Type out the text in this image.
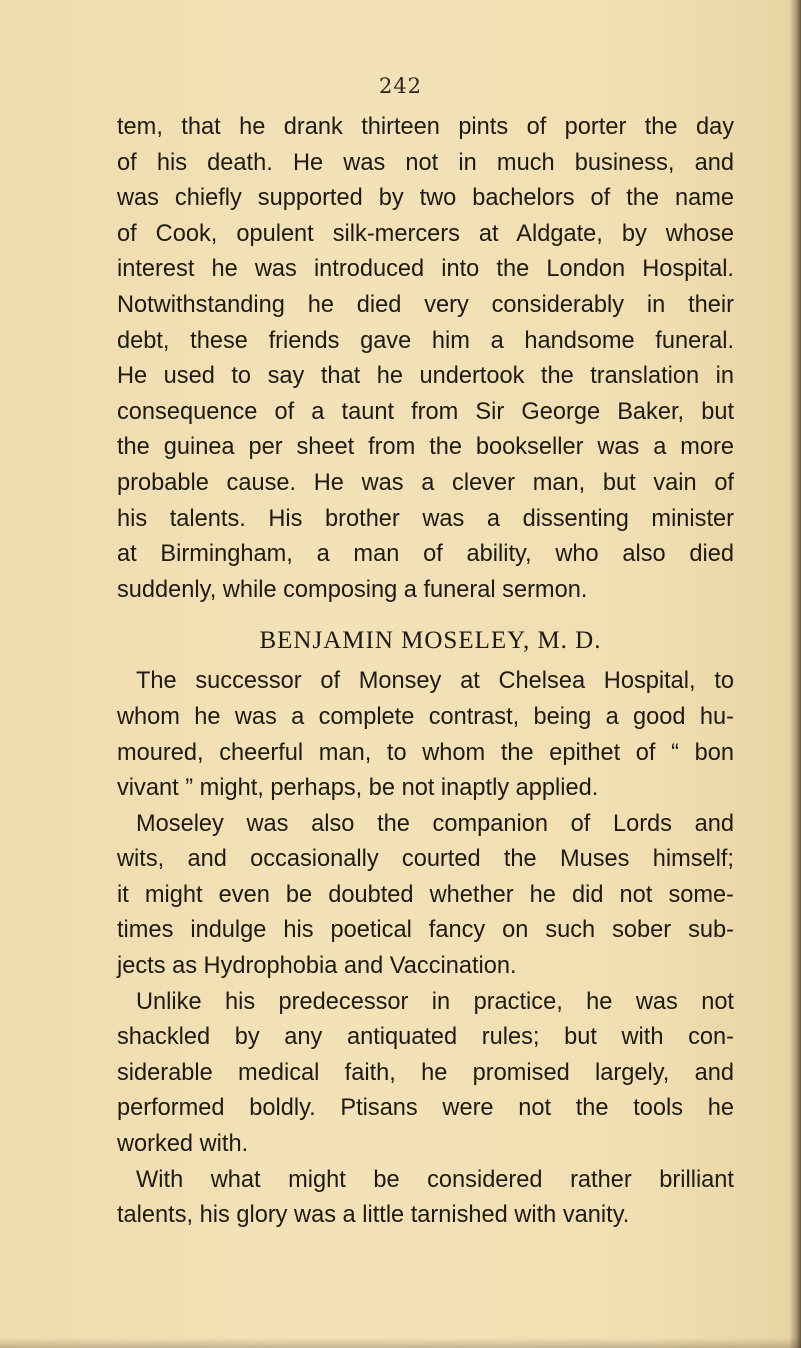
242
tem, that he drank thirteen pints of porter the day
of his death. He was not in much business, and
was chiefly supported by two bachelors of the name
of Cook, opulent silk-mercers at Aldgate, by whose
interest he was introduced into the London Hospital.
Notwithstanding he died very considerably in their
debt, these friends gave him a handsome funeral.
He used to say that he undertook the translation in
consequence of a taunt from Sir George Baker, but
the guinea per sheet from the bookseller was a more
probable cause. He was a clever man, but vain of
his talents. His brother was a dissenting minister
at Birmingham, a man of ability, who also died
suddenly, while composing a funeral sermon.
BENJAMIN MOSELEY, M. D.
The successor of Monsey at Chelsea Hospital, to
whom he was a complete contrast, being a good hu-
moured, cheerful man, to whom the epithet of “ bon
vivant ” might, perhaps, be not inaptly applied.
Moseley was also the companion of Lords and
wits, and occasionally courted the Muses himself;
it might even be doubted whether he did not some-
times indulge his poetical fancy on such sober sub-
jects as Hydrophobia and Vaccination.
Unlike his predecessor in practice, he was not
shackled by any antiquated rules; but with con-
siderable medical faith, he promised largely, and
performed boldly. Ptisans were not the tools he
worked with.
With what might be considered rather brilliant
talents, his glory was a little tarnished with vanity.
